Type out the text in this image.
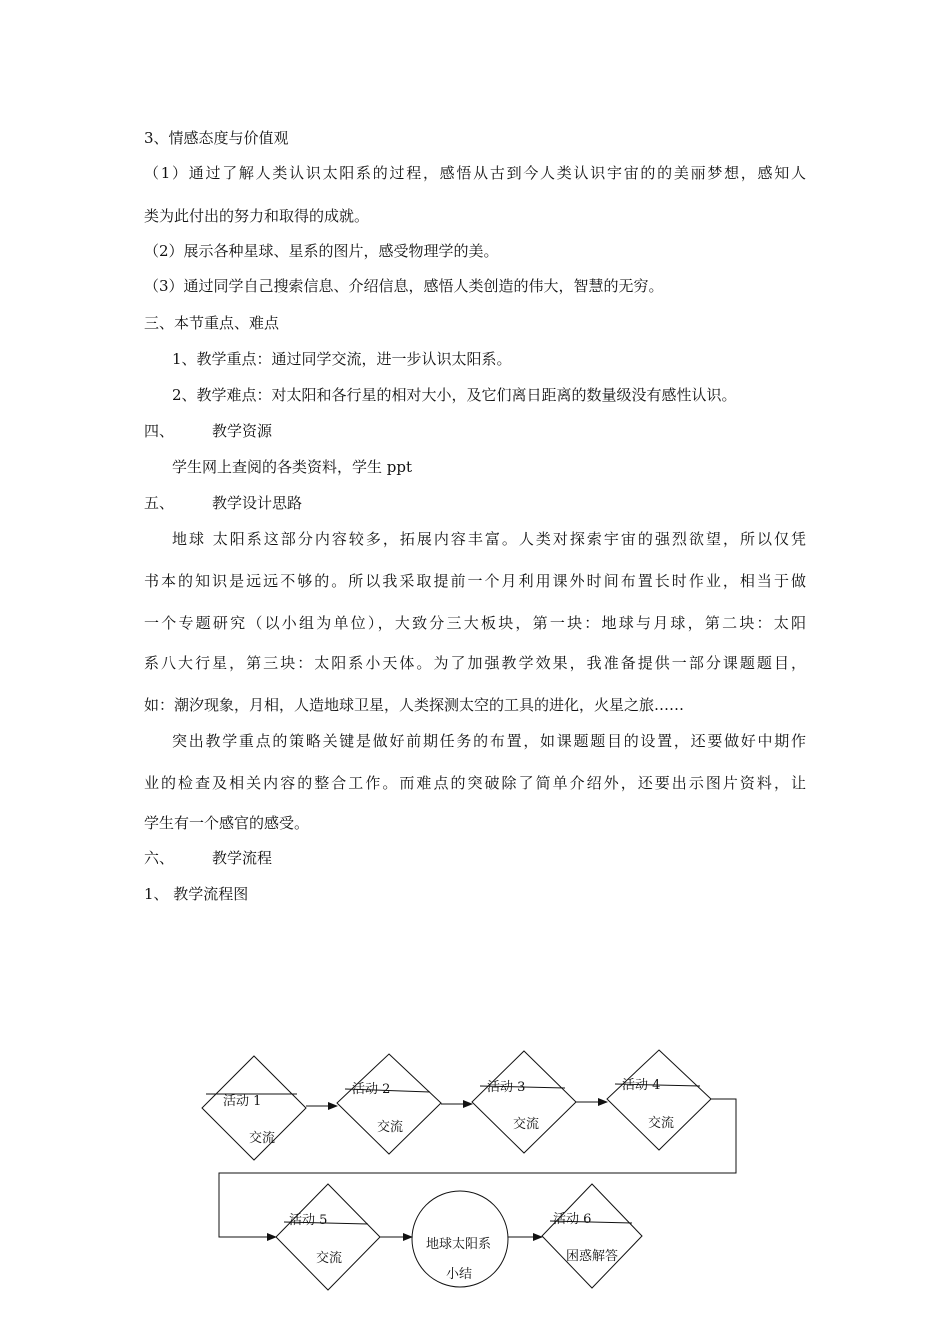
3、情感态度与价值观
（1）通过了解人类认识太阳系的过程，感悟从古到今人类认识宇宙的的美丽梦想，感知人
类为此付出的努力和取得的成就。
（2）展示各种星球、星系的图片，感受物理学的美。
（3）通过同学自己搜索信息、介绍信息，感悟人类创造的伟大，智慧的无穷。
三、本节重点、难点
1、教学重点：通过同学交流，进一步认识太阳系。
2、教学难点：对太阳和各行星的相对大小，及它们离日距离的数量级没有感性认识。
四、	教学资源
学生网上查阅的各类资料，学生 ppt
五、	教学设计思路
地球 太阳系这部分内容较多，拓展内容丰富。人类对探索宇宙的强烈欲望，所以仅凭
书本的知识是远远不够的。所以我采取提前一个月利用课外时间布置长时作业，相当于做
一个专题研究（以小组为单位），大致分三大板块，第一块：地球与月球，第二块：太阳
系八大行星，第三块：太阳系小天体。为了加强教学效果，我准备提供一部分课题题目，
如：潮汐现象，月相，人造地球卫星，人类探测太空的工具的进化，火星之旅……
突出教学重点的策略关键是做好前期任务的布置，如课题题目的设置，还要做好中期作
业的检查及相关内容的整合工作。而难点的突破除了简单介绍外，还要出示图片资料，让
学生有一个感官的感受。
六、	教学流程
1、 教学流程图
活动 1
交流
活动 2
交流
活动 3
交流
活动 4
交流
活动 5
交流
地球太阳系
小结
活动 6
困惑解答
